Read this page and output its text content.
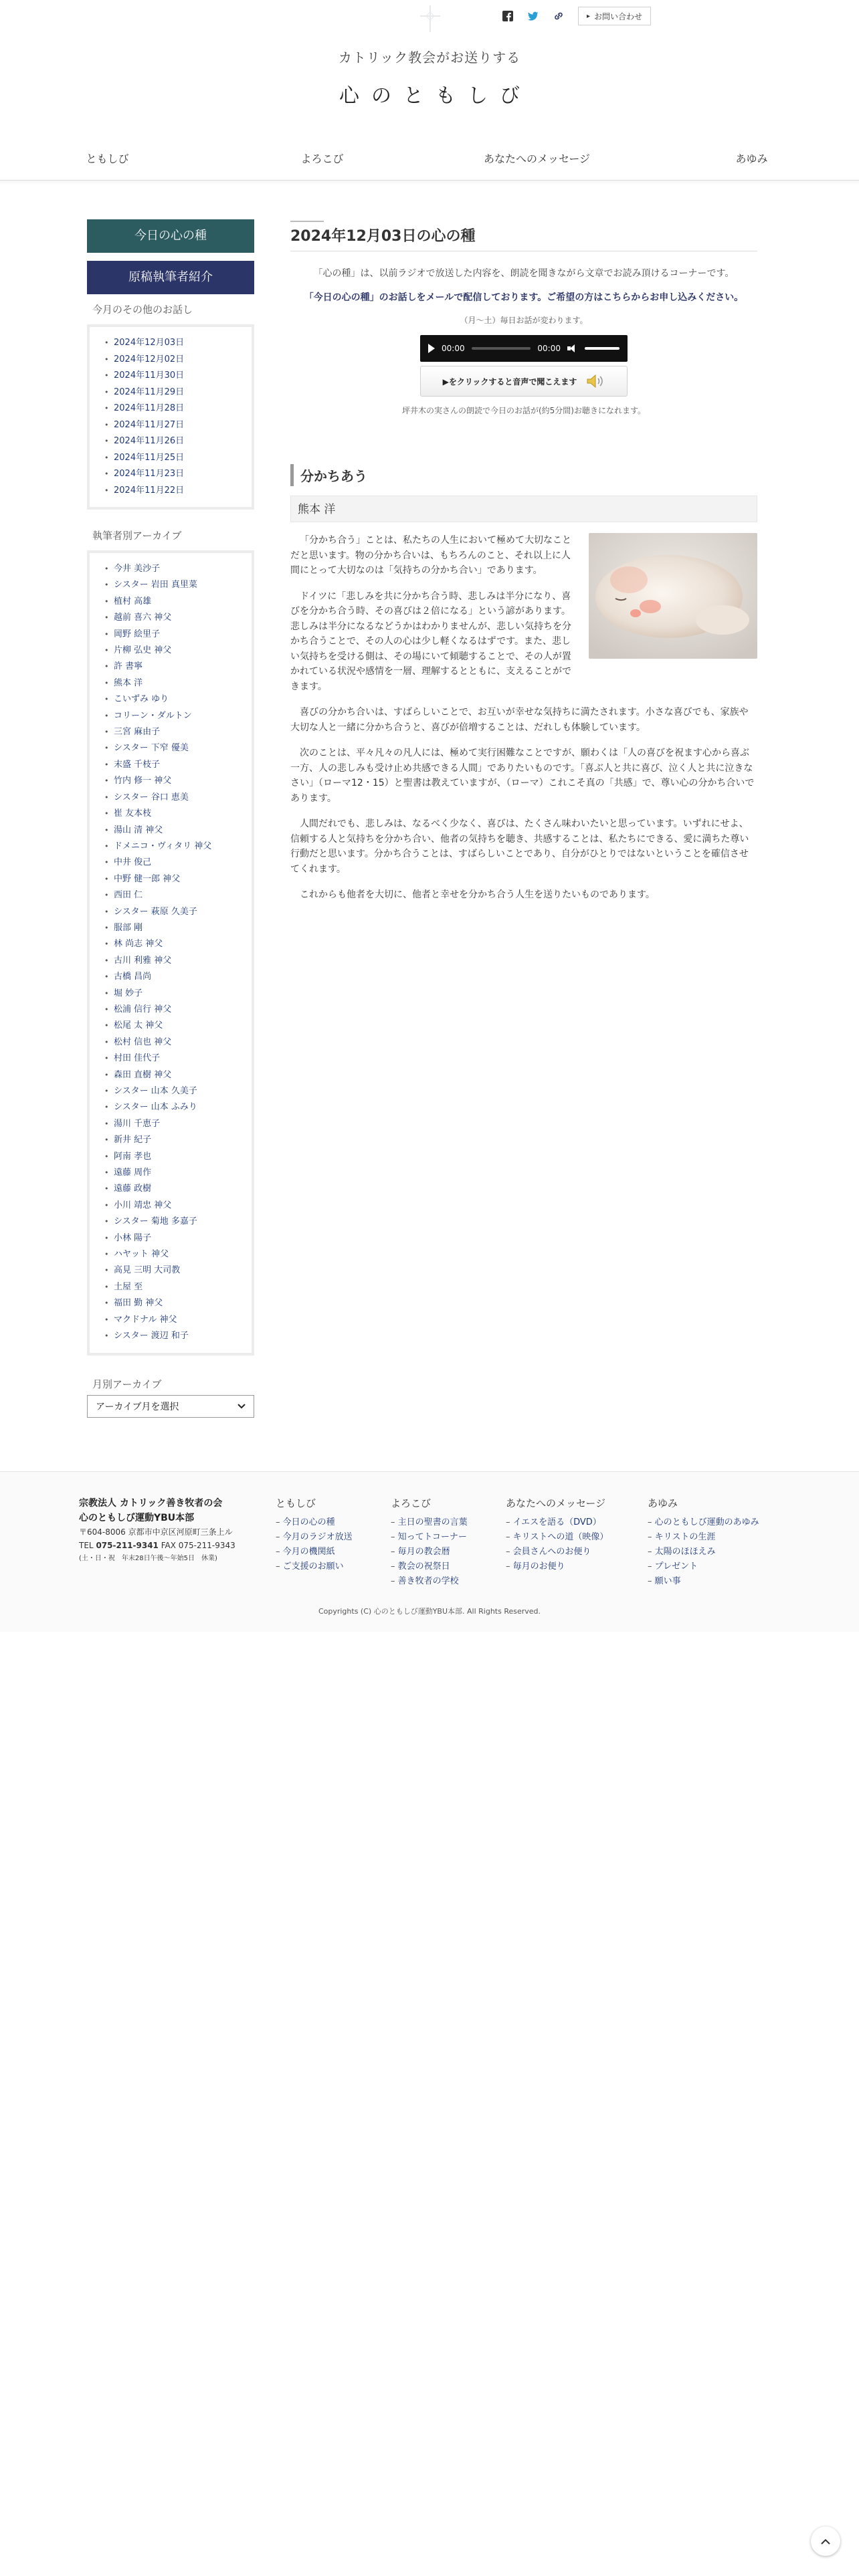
▸ お問い合わせ
カトリック教会がお送りする
心のともしび
ともしび	よろこび	あなたへのメッセージ	あゆみ
今日の心の種
原稿執筆者紹介
今月のその他のお話し
• 2024年12月03日
• 2024年12月02日
• 2024年11月30日
• 2024年11月29日
• 2024年11月28日
• 2024年11月27日
• 2024年11月26日
• 2024年11月25日
• 2024年11月23日
• 2024年11月22日
執筆者別アーカイブ
• 今井 美沙子
• シスター 岩田 真里菜
• 植村 高雄
• 越前 喜六 神父
• 岡野 絵里子
• 片柳 弘史 神父
• 許 書寧
• 熊本 洋
• こいずみ ゆり
• コリーン・ダルトン
• 三宮 麻由子
• シスター 下窄 優美
• 末盛 千枝子
• 竹内 修一 神父
• シスター 谷口 恵美
• 崔 友本枝
• 湯山 清 神父
• ドメニコ・ヴィタリ 神父
• 中井 俊己
• 中野 健一郎 神父
• 西田 仁
• シスター 萩原 久美子
• 服部 剛
• 林 尚志 神父
• 古川 利雅 神父
• 古橋 昌尚
• 堀 妙子
• 松浦 信行 神父
• 松尾 太 神父
• 松村 信也 神父
• 村田 佳代子
• 森田 直樹 神父
• シスター 山本 久美子
• シスター 山本 ふみり
• 湯川 千恵子
• 新井 紀子
• 阿南 孝也
• 遠藤 周作
• 遠藤 政樹
• 小川 靖忠 神父
• シスター 菊地 多嘉子
• 小林 陽子
• ハヤット 神父
• 高見 三明 大司教
• 土屋 至
• 福田 勤 神父
• マクドナル 神父
• シスター 渡辺 和子
月別アーカイブ
アーカイブ月を選択
2024年12月03日の心の種

「心の種」は、以前ラジオで放送した内容を、朗読を聞きながら文章でお読み頂けるコーナーです。

「今日の心の種」のお話しをメールで配信しております。ご希望の方はこちらからお申し込みください。

（月〜土）毎日お話が変わります。

00:00	00:00
▶をクリックすると音声で聞こえます

坪井木の実さんの朗読で今日のお話が(約5分間)お聴きになれます。

分かちあう
熊本 洋

「分かち合う」ことは、私たちの人生において極めて大切なことだと思います。物の分かち合いは、もちろんのこと、それ以上に人間にとって大切なのは「気持ちの分かち合い」であります。

ドイツに「悲しみを共に分かち合う時、悲しみは半分になり、喜びを分かち合う時、その喜びは２倍になる」という諺があります。悲しみは半分になるなどうかはわかりませんが、悲しい気持ちを分かち合うことで、その人の心は少し軽くなるはずです。また、悲しい気持ちを受ける側は、その場にいて傾聴することで、その人が置かれている状況や感情を一層、理解するとともに、支えることができます。

喜びの分かち合いは、すばらしいことで、お互いが幸せな気持ちに満たされます。小さな喜びでも、家族や大切な人と一緒に分かち合うと、喜びが倍増することは、だれしも体験しています。

次のことは、平々凡々の凡人には、極めて実行困難なことですが、願わくは「人の喜びを祝ます心から喜ぶ一方、人の悲しみも受け止め共感できる人間」でありたいものです。「喜ぶ人と共に喜び、泣く人と共に泣きなさい」（ローマ12・15）と聖書は教えていますが、（ローマ）これこそ真の「共感」で、尊い心の分かち合いであります。

人間だれでも、悲しみは、なるべく少なく、喜びは、たくさん味わいたいと思っています。いずれにせよ、信頼する人と気持ちを分かち合い、他者の気持ちを聴き、共感することは、私たちにできる、愛に満ちた尊い行動だと思います。分かち合うことは、すばらしいことであり、自分がひとりではないということを確信させてくれます。

これからも他者を大切に、他者と幸せを分かち合う人生を送りたいものであります。

宗教法人 カトリック善き牧者の会
心のともしび運動YBU本部
〒604-8006 京都市中京区河原町三条上ル
TEL 075-211-9341 FAX 075-211-9343
(土・日・祝　年末28日午後〜年始5日　休業)
ともしび
– 今日の心の種
– 今月のラジオ放送
– 今月の機関紙
– ご支援のお願い
よろこび
– 主日の聖書の言葉
– 知ってトコーナー
– 毎月の教会暦
– 教会の祝祭日
– 善き牧者の学校
あなたへのメッセージ
– イエスを語る（DVD）
– キリストへの道（映像）
– 会員さんへのお便り
– 毎月のお便り
あゆみ
– 心のともしび運動のあゆみ
– キリストの生涯
– 太陽のほほえみ
– プレゼント
– 願い事
Copyrights (C) 心のともしび運動YBU本部. All Rights Reserved.
